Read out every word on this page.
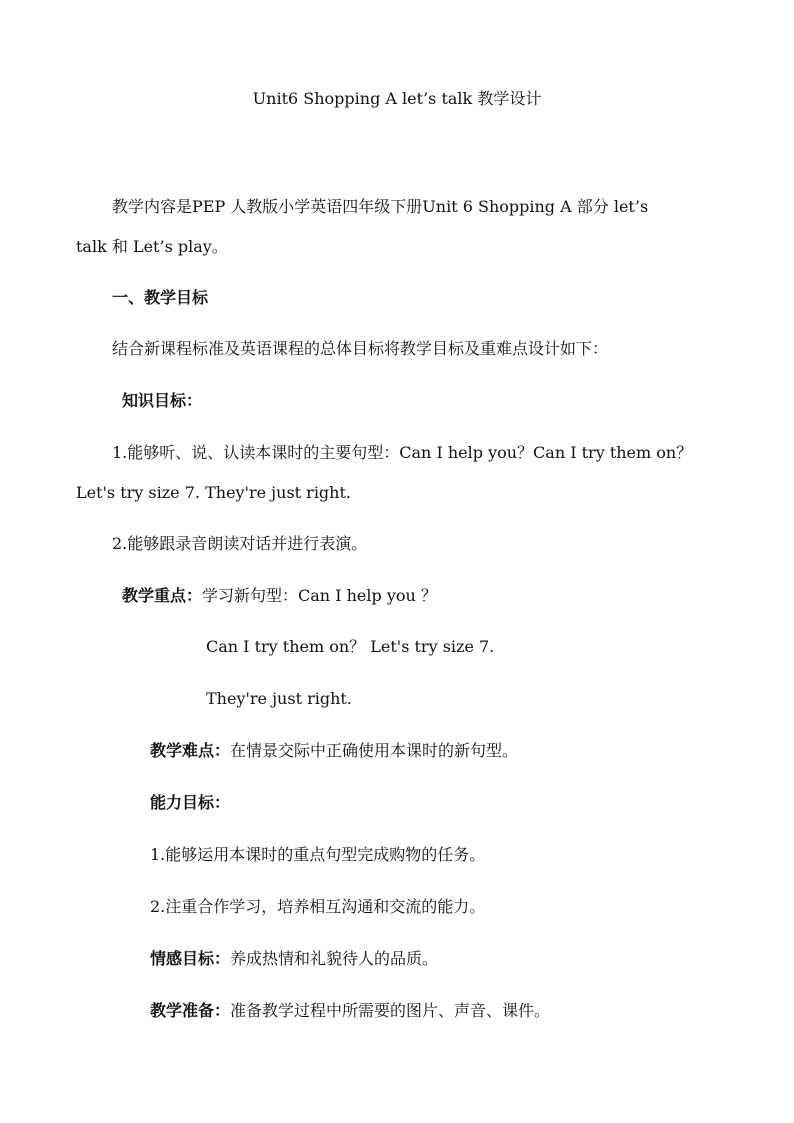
Unit6 Shopping A let’s talk 教学设计
教学内容是PEP 人教版小学英语四年级下册Unit 6 Shopping A 部分 let’s
talk 和 Let’s play。
一、教学目标
结合新课程标准及英语课程的总体目标将教学目标及重难点设计如下：
知识目标：
1.能够听、说、认读本课时的主要句型：Can I help you？Can I try them on？
Let's try size 7. They're just right.
2.能够跟录音朗读对话并进行表演。
教学重点：学习新句型：Can I help you ？
Can I try them on？ Let's try size 7.
They're just right.
教学难点：在情景交际中正确使用本课时的新句型。
能力目标：
1.能够运用本课时的重点句型完成购物的任务。
2.注重合作学习，培养相互沟通和交流的能力。
情感目标：养成热情和礼貌待人的品质。
教学准备：准备教学过程中所需要的图片、声音、课件。
